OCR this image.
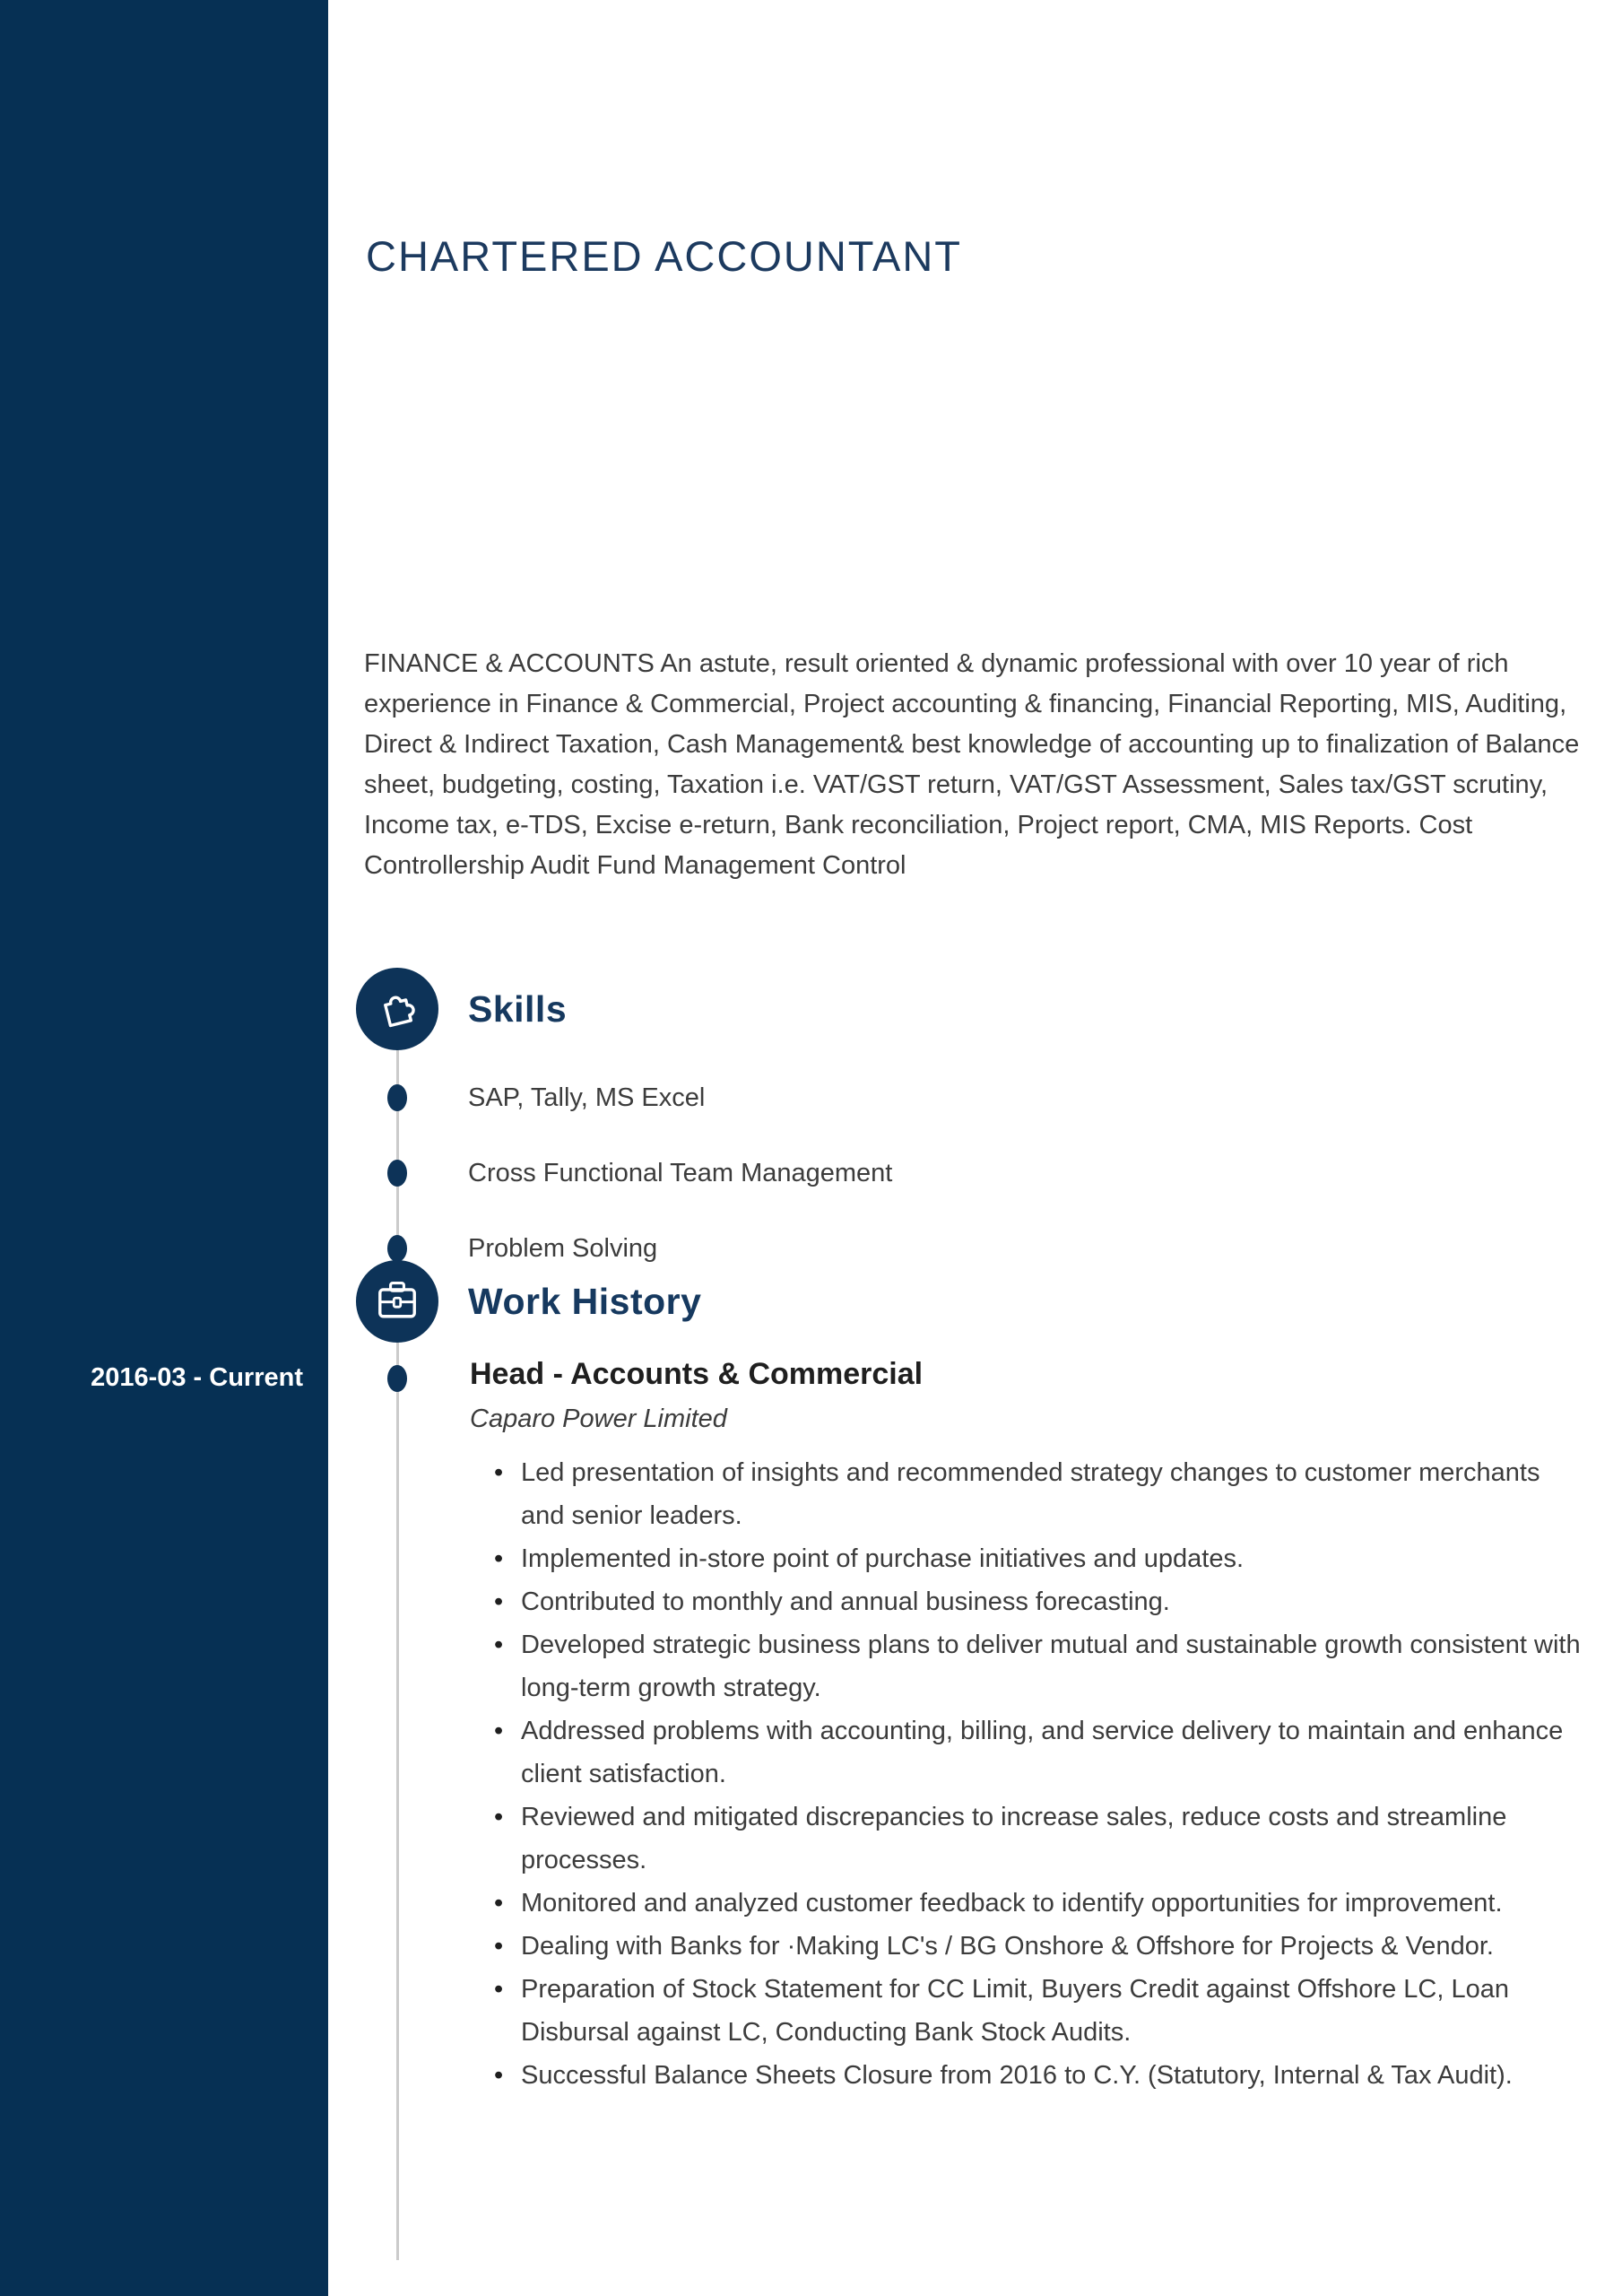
CHARTERED ACCOUNTANT
FINANCE & ACCOUNTS An astute, result oriented & dynamic professional with over 10 year of rich experience in Finance & Commercial, Project accounting & financing, Financial Reporting, MIS, Auditing, Direct & Indirect Taxation, Cash Management& best knowledge of accounting up to finalization of Balance sheet, budgeting, costing, Taxation i.e. VAT/GST return, VAT/GST Assessment, Sales tax/GST scrutiny, Income tax, e-TDS, Excise e-return, Bank reconciliation, Project report, CMA, MIS Reports. Cost Controllership Audit Fund Management Control
Skills
SAP, Tally, MS Excel
Cross Functional Team Management
Problem Solving
Work History
2016-03 - Current	Head - Accounts & Commercial
Caparo Power Limited
• Led presentation of insights and recommended strategy changes to customer merchants and senior leaders.
• Implemented in-store point of purchase initiatives and updates.
• Contributed to monthly and annual business forecasting.
• Developed strategic business plans to deliver mutual and sustainable growth consistent with long-term growth strategy.
• Addressed problems with accounting, billing, and service delivery to maintain and enhance client satisfaction.
• Reviewed and mitigated discrepancies to increase sales, reduce costs and streamline processes.
• Monitored and analyzed customer feedback to identify opportunities for improvement.
• Dealing with Banks for ·Making LC's / BG Onshore & Offshore for Projects & Vendor.
• Preparation of Stock Statement for CC Limit, Buyers Credit against Offshore LC, Loan Disbursal against LC, Conducting Bank Stock Audits.
• Successful Balance Sheets Closure from 2016 to C.Y. (Statutory, Internal & Tax Audit).
